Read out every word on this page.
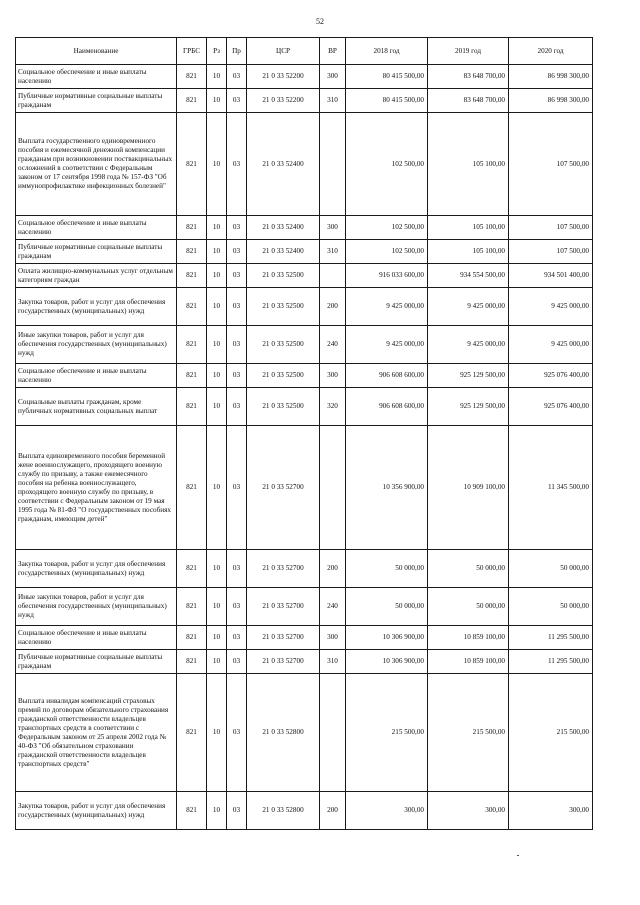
52
Наименование	ГРБС	Рз	Пр	ЦСР	ВР	2018 год	2019 год	2020 год
Социальное обеспечение и иные выплаты населению	821	10	03	21 0 33 52200	300	80 415 500,00	83 648 700,00	86 998 300,00
Публичные нормативные социальные выплаты гражданам	821	10	03	21 0 33 52200	310	80 415 500,00	83 648 700,00	86 998 300,00
Выплата государственного единовременного пособия и ежемесячной денежной компенсации гражданам при возникновении поствакцинальных осложнений в соответствии с Федеральным законом от 17 сентября 1998 года № 157-ФЗ "Об иммунопрофилактике инфекционных болезней"	821	10	03	21 0 33 52400		102 500,00	105 100,00	107 500,00
Социальное обеспечение и иные выплаты населению	821	10	03	21 0 33 52400	300	102 500,00	105 100,00	107 500,00
Публичные нормативные социальные выплаты гражданам	821	10	03	21 0 33 52400	310	102 500,00	105 100,00	107 500,00
Оплата жилищно-коммунальных услуг отдельным категориям граждан	821	10	03	21 0 33 52500		916 033 600,00	934 554 500,00	934 501 400,00
Закупка товаров, работ и услуг для обеспечения государственных (муниципальных) нужд	821	10	03	21 0 33 52500	200	9 425 000,00	9 425 000,00	9 425 000,00
Иные закупки товаров, работ и услуг для обеспечения государственных (муниципальных) нужд	821	10	03	21 0 33 52500	240	9 425 000,00	9 425 000,00	9 425 000,00
Социальное обеспечение и иные выплаты населению	821	10	03	21 0 33 52500	300	906 608 600,00	925 129 500,00	925 076 400,00
Социальные выплаты гражданам, кроме публичных нормативных социальных выплат	821	10	03	21 0 33 52500	320	906 608 600,00	925 129 500,00	925 076 400,00
Выплата единовременного пособия беременной жене военнослужащего, проходящего военную службу по призыву, а также ежемесячного пособия на ребенка военнослужащего, проходящего военную службу по призыву, в соответствии с Федеральным законом от 19 мая 1995 года № 81-ФЗ "О государственных пособиях гражданам, имеющим детей"	821	10	03	21 0 33 52700		10 356 900,00	10 909 100,00	11 345 500,00
Закупка товаров, работ и услуг для обеспечения государственных (муниципальных) нужд	821	10	03	21 0 33 52700	200	50 000,00	50 000,00	50 000,00
Иные закупки товаров, работ и услуг для обеспечения государственных (муниципальных) нужд	821	10	03	21 0 33 52700	240	50 000,00	50 000,00	50 000,00
Социальное обеспечение и иные выплаты населению	821	10	03	21 0 33 52700	300	10 306 900,00	10 859 100,00	11 295 500,00
Публичные нормативные социальные выплаты гражданам	821	10	03	21 0 33 52700	310	10 306 900,00	10 859 100,00	11 295 500,00
Выплата инвалидам компенсаций страховых премий по договорам обязательного страхования гражданской ответственности владельцев транспортных средств в соответствии с Федеральным законом от 25 апреля 2002 года № 40-ФЗ "Об обязательном страховании гражданской ответственности владельцев транспортных средств"	821	10	03	21 0 33 52800		215 500,00	215 500,00	215 500,00
Закупка товаров, работ и услуг для обеспечения государственных (муниципальных) нужд	821	10	03	21 0 33 52800	200	300,00	300,00	300,00
